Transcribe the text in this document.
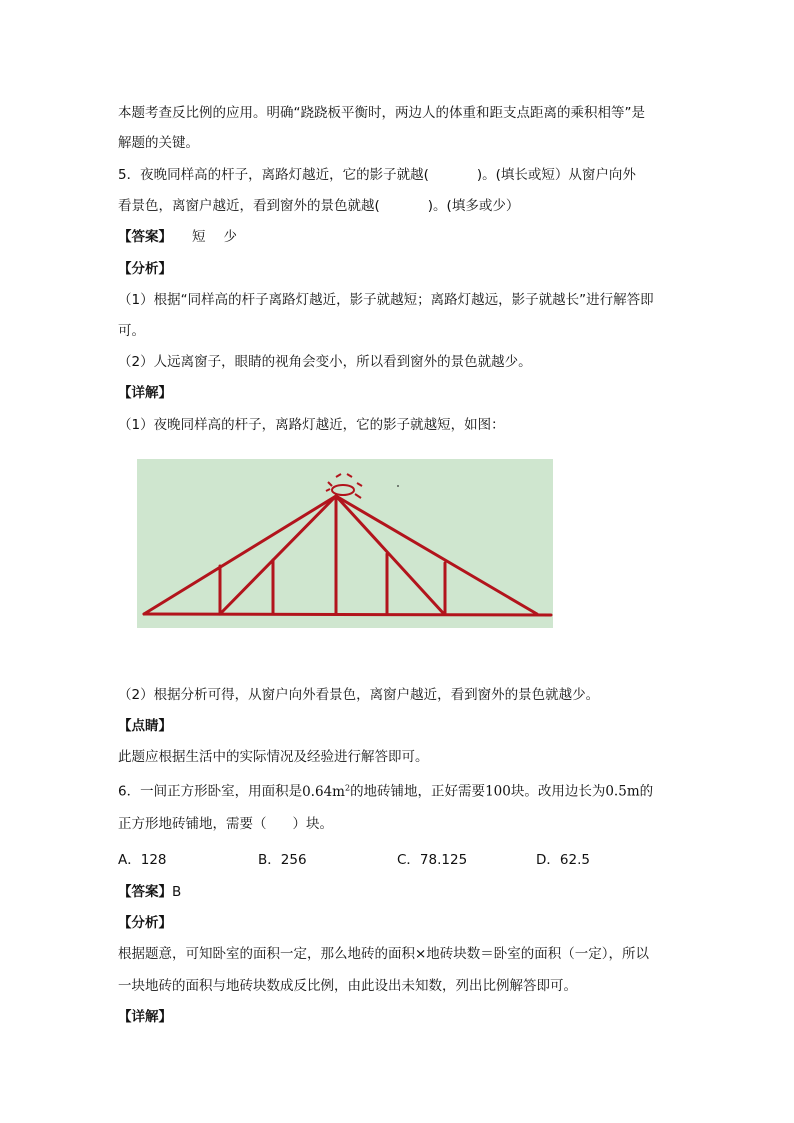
本题考查反比例的应用。明确“跷跷板平衡时，两边人的体重和距支点距离的乘积相等”是
解题的关键。
5．夜晚同样高的杆子，离路灯越近，它的影子就越(	)。(填长或短）从窗户向外
看景色，离窗户越近，看到窗外的景色就越(	)。(填多或少）
【答案】 短 少
【分析】
（1）根据“同样高的杆子离路灯越近，影子就越短；离路灯越远，影子就越长”进行解答即
可。
（2）人远离窗子，眼睛的视角会变小，所以看到窗外的景色就越少。
【详解】
（1）夜晚同样高的杆子，离路灯越近，它的影子就越短，如图：
（2）根据分析可得，从窗户向外看景色，离窗户越近，看到窗外的景色就越少。
【点睛】
此题应根据生活中的实际情况及经验进行解答即可。
6．一间正方形卧室，用面积是$0.64m^2$的地砖铺地，正好需要100块。改用边长为0.5m的
正方形地砖铺地，需要（ ）块。
A．128	B．256	C．78.125	D．62.5
【答案】B
【分析】
根据题意，可知卧室的面积一定，那么地砖的面积×地砖块数＝卧室的面积（一定），所以
一块地砖的面积与地砖块数成反比例，由此设出未知数，列出比例解答即可。
【详解】
